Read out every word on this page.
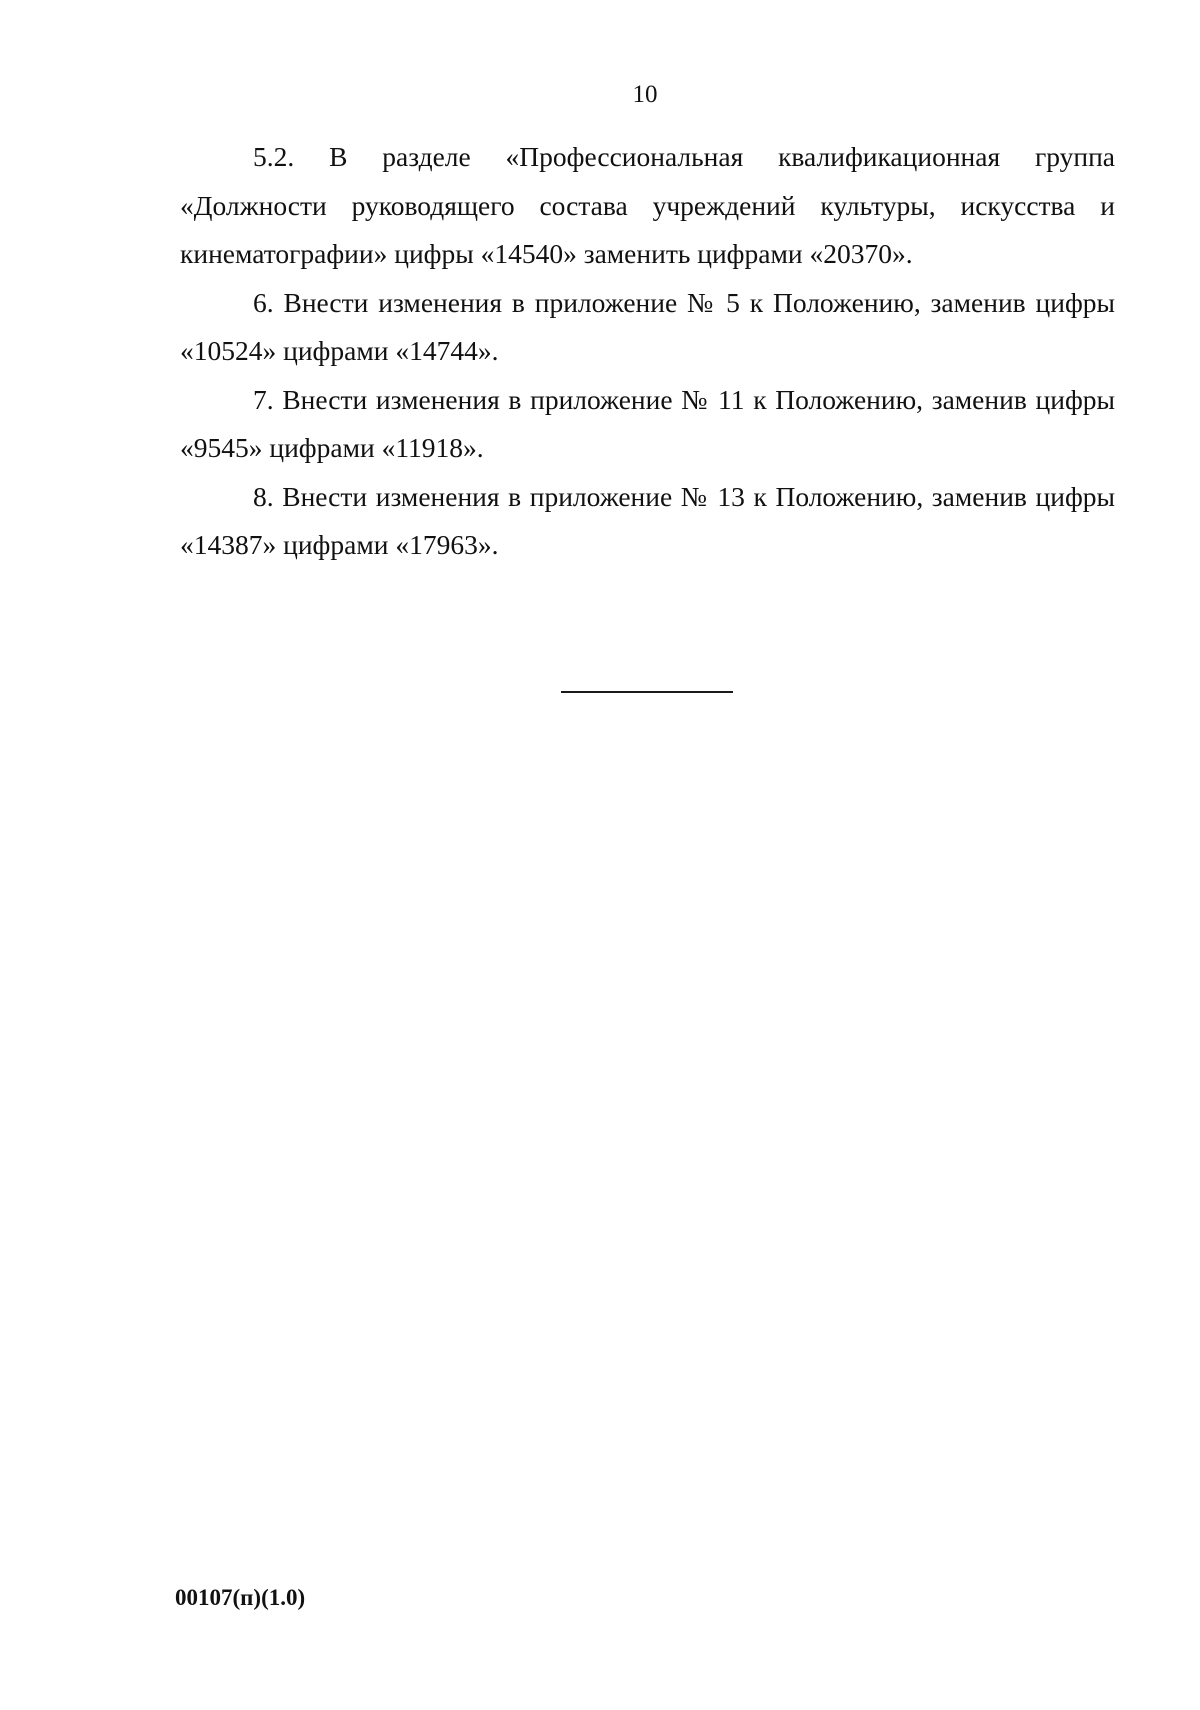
10
5.2. В разделе «Профессиональная квалификационная группа
«Должности руководящего состава учреждений культуры, искусства и
кинематографии» цифры «14540» заменить цифрами «20370».
6. Внести изменения в приложение № 5 к Положению, заменив цифры
«10524» цифрами «14744».
7. Внести изменения в приложение № 11 к Положению, заменив цифры
«9545» цифрами «11918».
8. Внести изменения в приложение № 13 к Положению, заменив цифры
«14387» цифрами «17963».
00107(п)(1.0)
